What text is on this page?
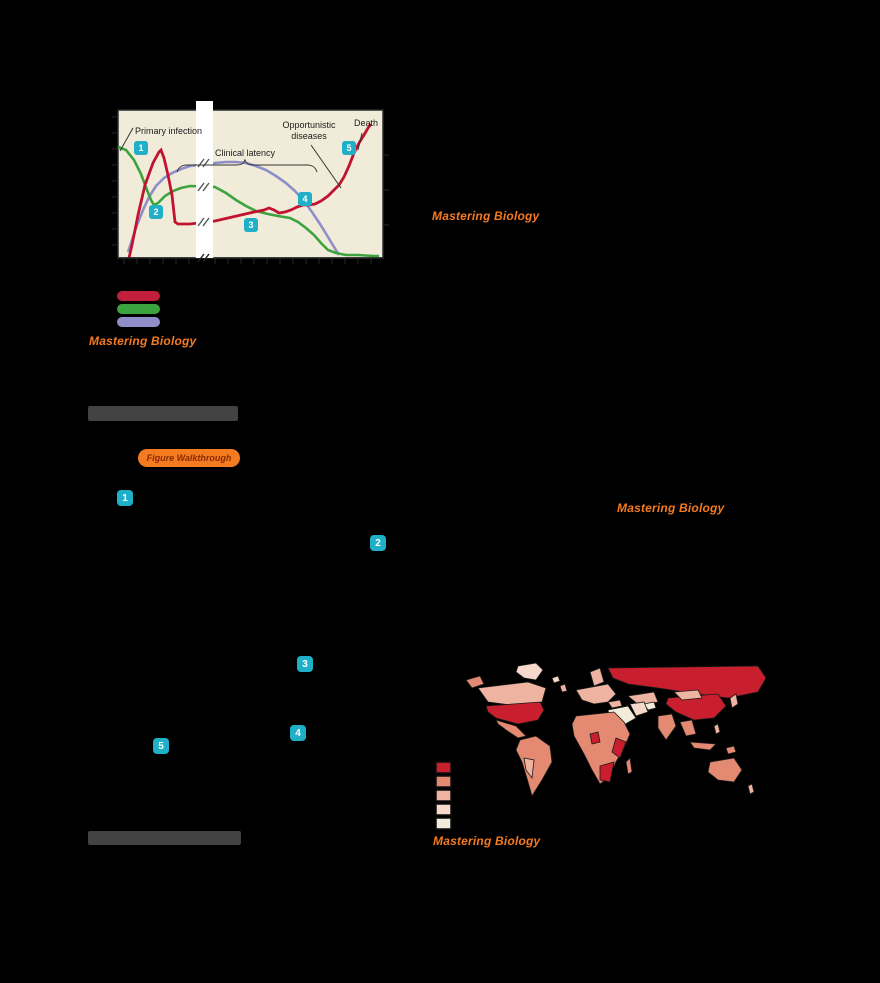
Primary infection
Clinical latency
Opportunistic
diseases
Death
1
2
3
4
5
Mastering Biology
Mastering Biology
Figure Walkthrough
Mastering Biology
Mastering Biology
1
2
3
4
5
